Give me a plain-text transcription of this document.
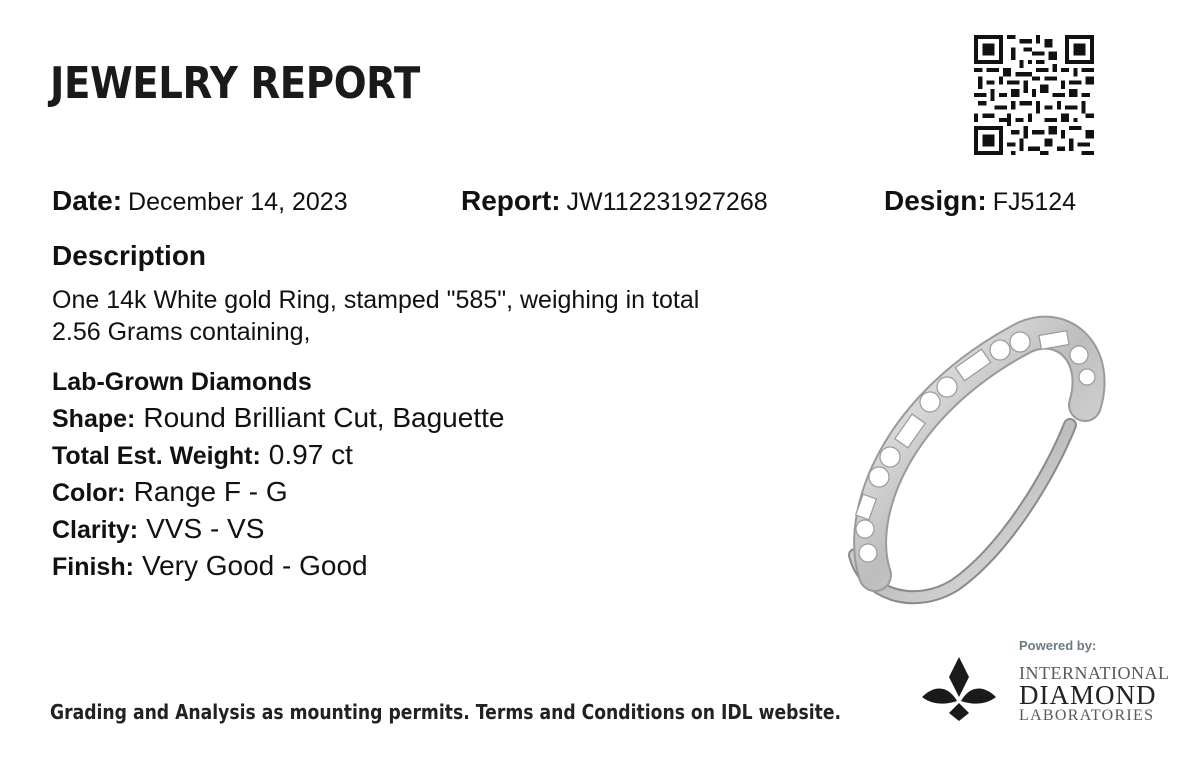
JEWELRY REPORT
Date: December 14, 2023	Report: JW112231927268	Design: FJ5124
Description
One 14k White gold Ring, stamped "585", weighing in total
2.56 Grams containing,
Lab-Grown Diamonds
Shape: Round Brilliant Cut, Baguette
Total Est. Weight: 0.97 ct
Color: Range F - G
Clarity: VVS - VS
Finish: Very Good - Good
Grading and Analysis as mounting permits. Terms and Conditions on IDL website.
Powered by:
INTERNATIONAL
DIAMOND
LABORATORIES
